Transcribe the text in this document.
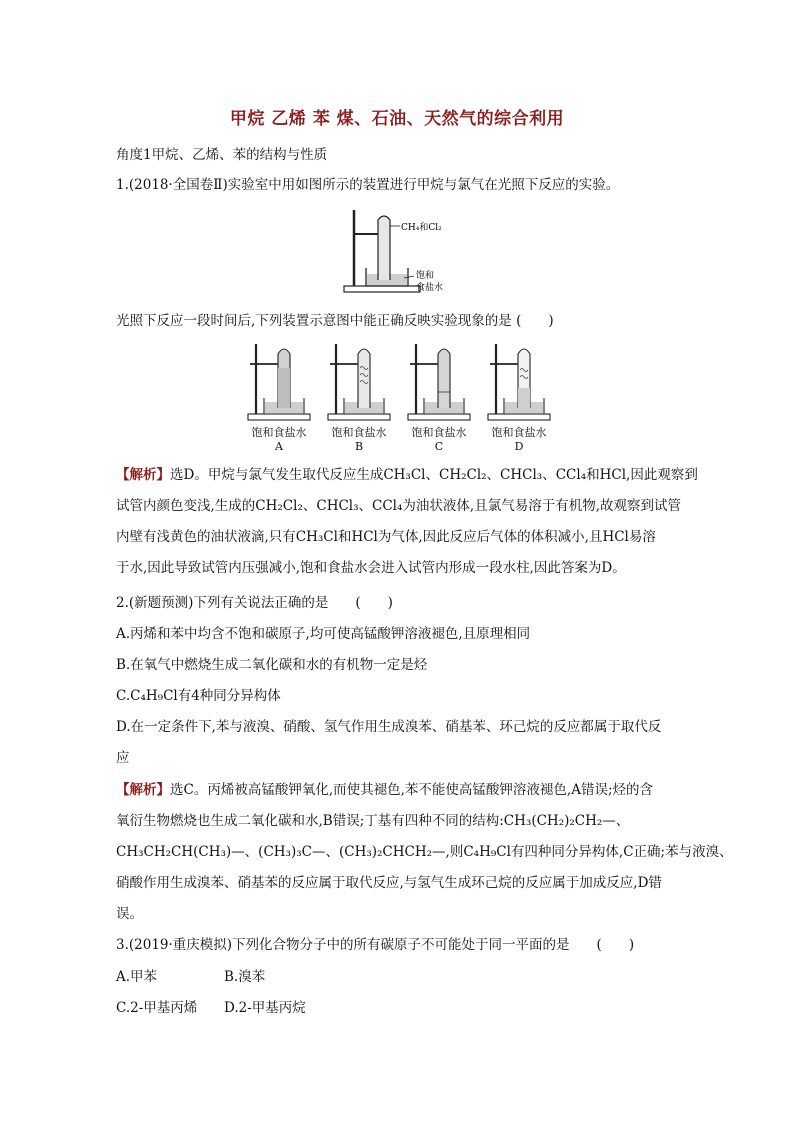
甲烷 乙烯 苯 煤、石油、天然气的综合利用
角度1甲烷、乙烯、苯的结构与性质
1.(2018·全国卷Ⅱ)实验室中用如图所示的装置进行甲烷与氯气在光照下反应的实验。
CH₄和Cl₂
饱和
食盐水
光照下反应一段时间后,下列装置示意图中能正确反映实验现象的是 (　　)
饱和食盐水
A
饱和食盐水
B
饱和食盐水
C
饱和食盐水
D
【解析】选D。甲烷与氯气发生取代反应生成CH₃Cl、CH₂Cl₂、CHCl₃、CCl₄和HCl,因此观察到
试管内颜色变浅,生成的CH₂Cl₂、CHCl₃、CCl₄为油状液体,且氯气易溶于有机物,故观察到试管
内壁有浅黄色的油状液滴,只有CH₃Cl和HCl为气体,因此反应后气体的体积减小,且HCl易溶
于水,因此导致试管内压强减小,饱和食盐水会进入试管内形成一段水柱,因此答案为D。
2.(新题预测)下列有关说法正确的是　　(　　)
A.丙烯和苯中均含不饱和碳原子,均可使高锰酸钾溶液褪色,且原理相同
B.在氧气中燃烧生成二氧化碳和水的有机物一定是烃
C.C₄H₉Cl有4种同分异构体
D.在一定条件下,苯与液溴、硝酸、氢气作用生成溴苯、硝基苯、环己烷的反应都属于取代反
应
【解析】选C。丙烯被高锰酸钾氧化,而使其褪色,苯不能使高锰酸钾溶液褪色,A错误;烃的含
氧衍生物燃烧也生成二氧化碳和水,B错误;丁基有四种不同的结构:CH₃(CH₂)₂CH₂—、
CH₃CH₂CH(CH₃)—、(CH₃)₃C—、(CH₃)₂CHCH₂—,则C₄H₉Cl有四种同分异构体,C正确;苯与液溴、
硝酸作用生成溴苯、硝基苯的反应属于取代反应,与氢气生成环己烷的反应属于加成反应,D错
误。
3.(2019·重庆模拟)下列化合物分子中的所有碳原子不可能处于同一平面的是　　(　　)
A.甲苯	B.溴苯
C.2-甲基丙烯 D.2-甲基丙烷
